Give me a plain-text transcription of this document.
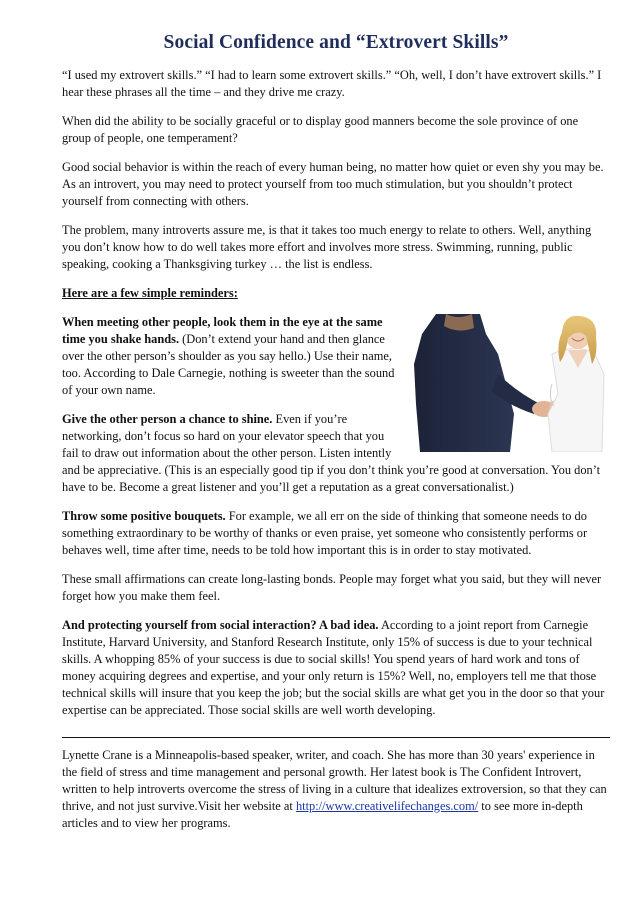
Social Confidence and “Extrovert Skills”

“I used my extrovert skills.” “I had to learn some extrovert skills.” “Oh, well, I don’t have extrovert skills.” I hear these phrases all the time – and they drive me crazy.

When did the ability to be socially graceful or to display good manners become the sole province of one group of people, one temperament?

Good social behavior is within the reach of every human being, no matter how quiet or even shy you may be. As an introvert, you may need to protect yourself from too much stimulation, but you shouldn’t protect yourself from connecting with others.

The problem, many introverts assure me, is that it takes too much energy to relate to others. Well, anything you don’t know how to do well takes more effort and involves more stress. Swimming, running, public speaking, cooking a Thanksgiving turkey … the list is endless.

Here are a few simple reminders:

When meeting other people, look them in the eye at the same time you shake hands. (Don’t extend your hand and then glance over the other person’s shoulder as you say hello.) Use their name, too. According to Dale Carnegie, nothing is sweeter than the sound of your own name.

Give the other person a chance to shine. Even if you’re networking, don’t focus so hard on your elevator speech that you fail to draw out information about the other person. Listen intently and be appreciative. (This is an especially good tip if you don’t think you’re good at conversation. You don’t have to be. Become a great listener and you’ll get a reputation as a great conversationalist.)

Throw some positive bouquets. For example, we all err on the side of thinking that someone needs to do something extraordinary to be worthy of thanks or even praise, yet someone who consistently performs or behaves well, time after time, needs to be told how important this is in order to stay motivated.

These small affirmations can create long-lasting bonds. People may forget what you said, but they will never forget how you make them feel.

And protecting yourself from social interaction? A bad idea. According to a joint report from Carnegie Institute, Harvard University, and Stanford Research Institute, only 15% of success is due to your technical skills. A whopping 85% of your success is due to social skills! You spend years of hard work and tons of money acquiring degrees and expertise, and your only return is 15%? Well, no, employers tell me that those technical skills will insure that you keep the job; but the social skills are what get you in the door so that your expertise can be appreciated. Those social skills are well worth developing.

Lynette Crane is a Minneapolis-based speaker, writer, and coach. She has more than 30 years' experience in the field of stress and time management and personal growth. Her latest book is The Confident Introvert, written to help introverts overcome the stress of living in a culture that idealizes extroversion, so that they can thrive, and not just survive.Visit her website at http://www.creativelifechanges.com/ to see more in-depth articles and to view her programs.
